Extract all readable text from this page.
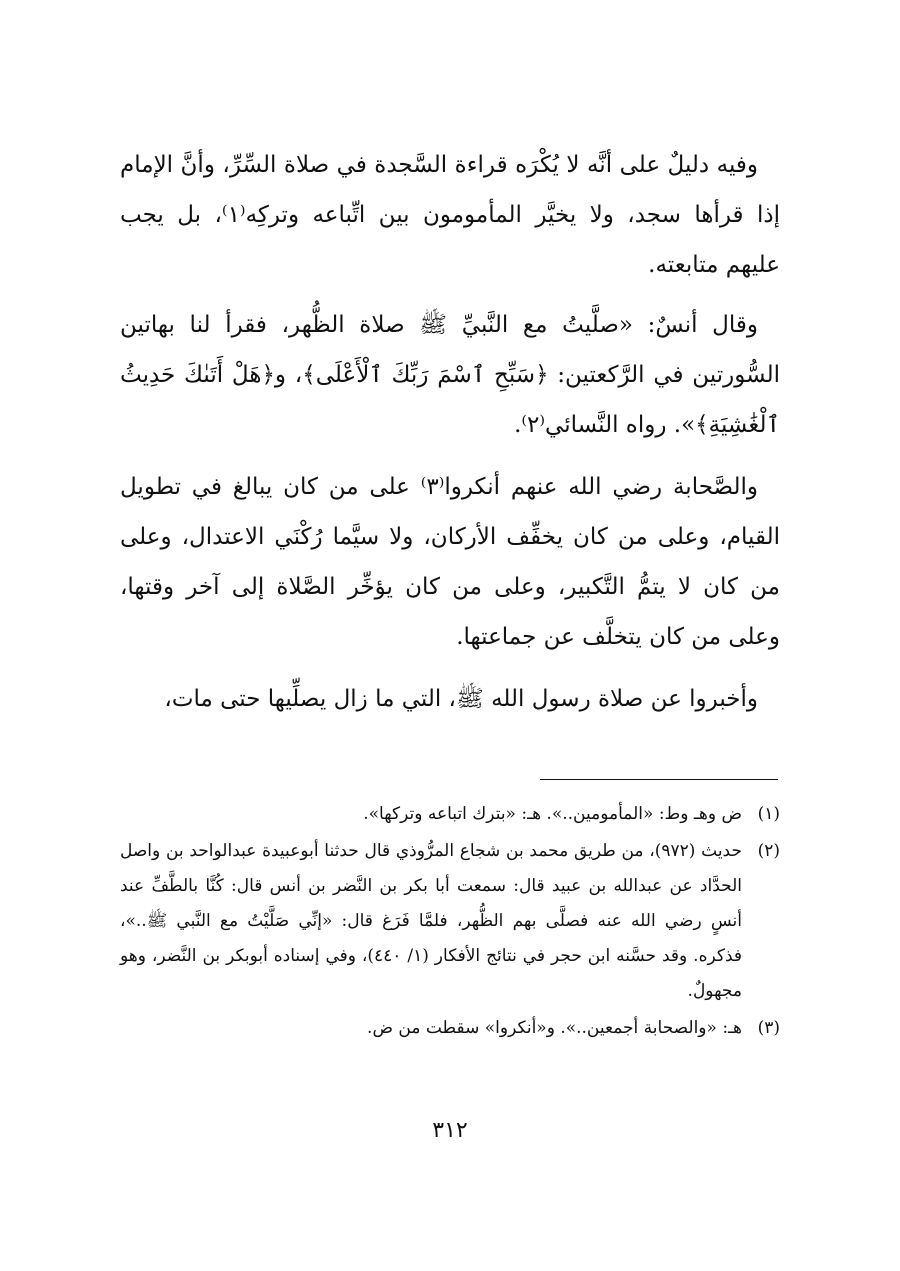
وفيه دليلٌ على أنَّه لا يُكْرَه قراءة السَّجدة في صلاة السِّرِّ، وأنَّ الإمام إذا قرأها سجد، ولا يخيَّر المأمومون بين اتِّباعه وتركِه⁽١⁾، بل يجب عليهم متابعته.

وقال أنسٌ: «صلَّيتُ مع النَّبيِّ ﷺ صلاة الظُّهر، فقرأ لنا بهاتين السُّورتين في الرَّكعتين: ﴿سَبِّحِ ٱسْمَ رَبِّكَ ٱلْأَعْلَى﴾، و﴿هَلْ أَتَىٰكَ حَدِيثُ ٱلْغَٰشِيَةِ﴾». رواه النَّسائي⁽٢⁾.

والصَّحابة رضي الله عنهم أنكروا⁽٣⁾ على من كان يبالغ في تطويل القيام، وعلى من كان يخفِّف الأركان، ولا سيَّما رُكْنَي الاعتدال، وعلى من كان لا يتمُّ التَّكبير، وعلى من كان يؤخِّر الصَّلاة إلى آخر وقتها، وعلى من كان يتخلَّف عن جماعتها.

وأخبروا عن صلاة رسول الله ﷺ، التي ما زال يصلِّيها حتى مات،

(١)
ض وهـ وط: «المأمومين..». هـ: «بترك اتباعه وتركها».
(٢)
حديث (٩٧٢)، من طريق محمد بن شجاع المرُّوذي قال حدثنا أبوعبيدة عبدالواحد بن واصل الحدَّاد عن عبدالله بن عبيد قال: سمعت أبا بكر بن النَّضر بن أنس قال: كُنَّا بالطَّفِّ عند أنسٍ رضي الله عنه فصلَّى بهم الظُّهر، فلمَّا فَرَغ قال: «إنِّي صَلَّيْتُ مع النَّبي ﷺ..»، فذكره. وقد حسَّنه ابن حجر في نتائج الأفكار (١/ ٤٤٠)، وفي إسناده أبوبكر بن النَّضر، وهو مجهولٌ.
(٣)
هـ: «والصحابة أجمعين..». و«أنكروا» سقطت من ض.
٣١٢
